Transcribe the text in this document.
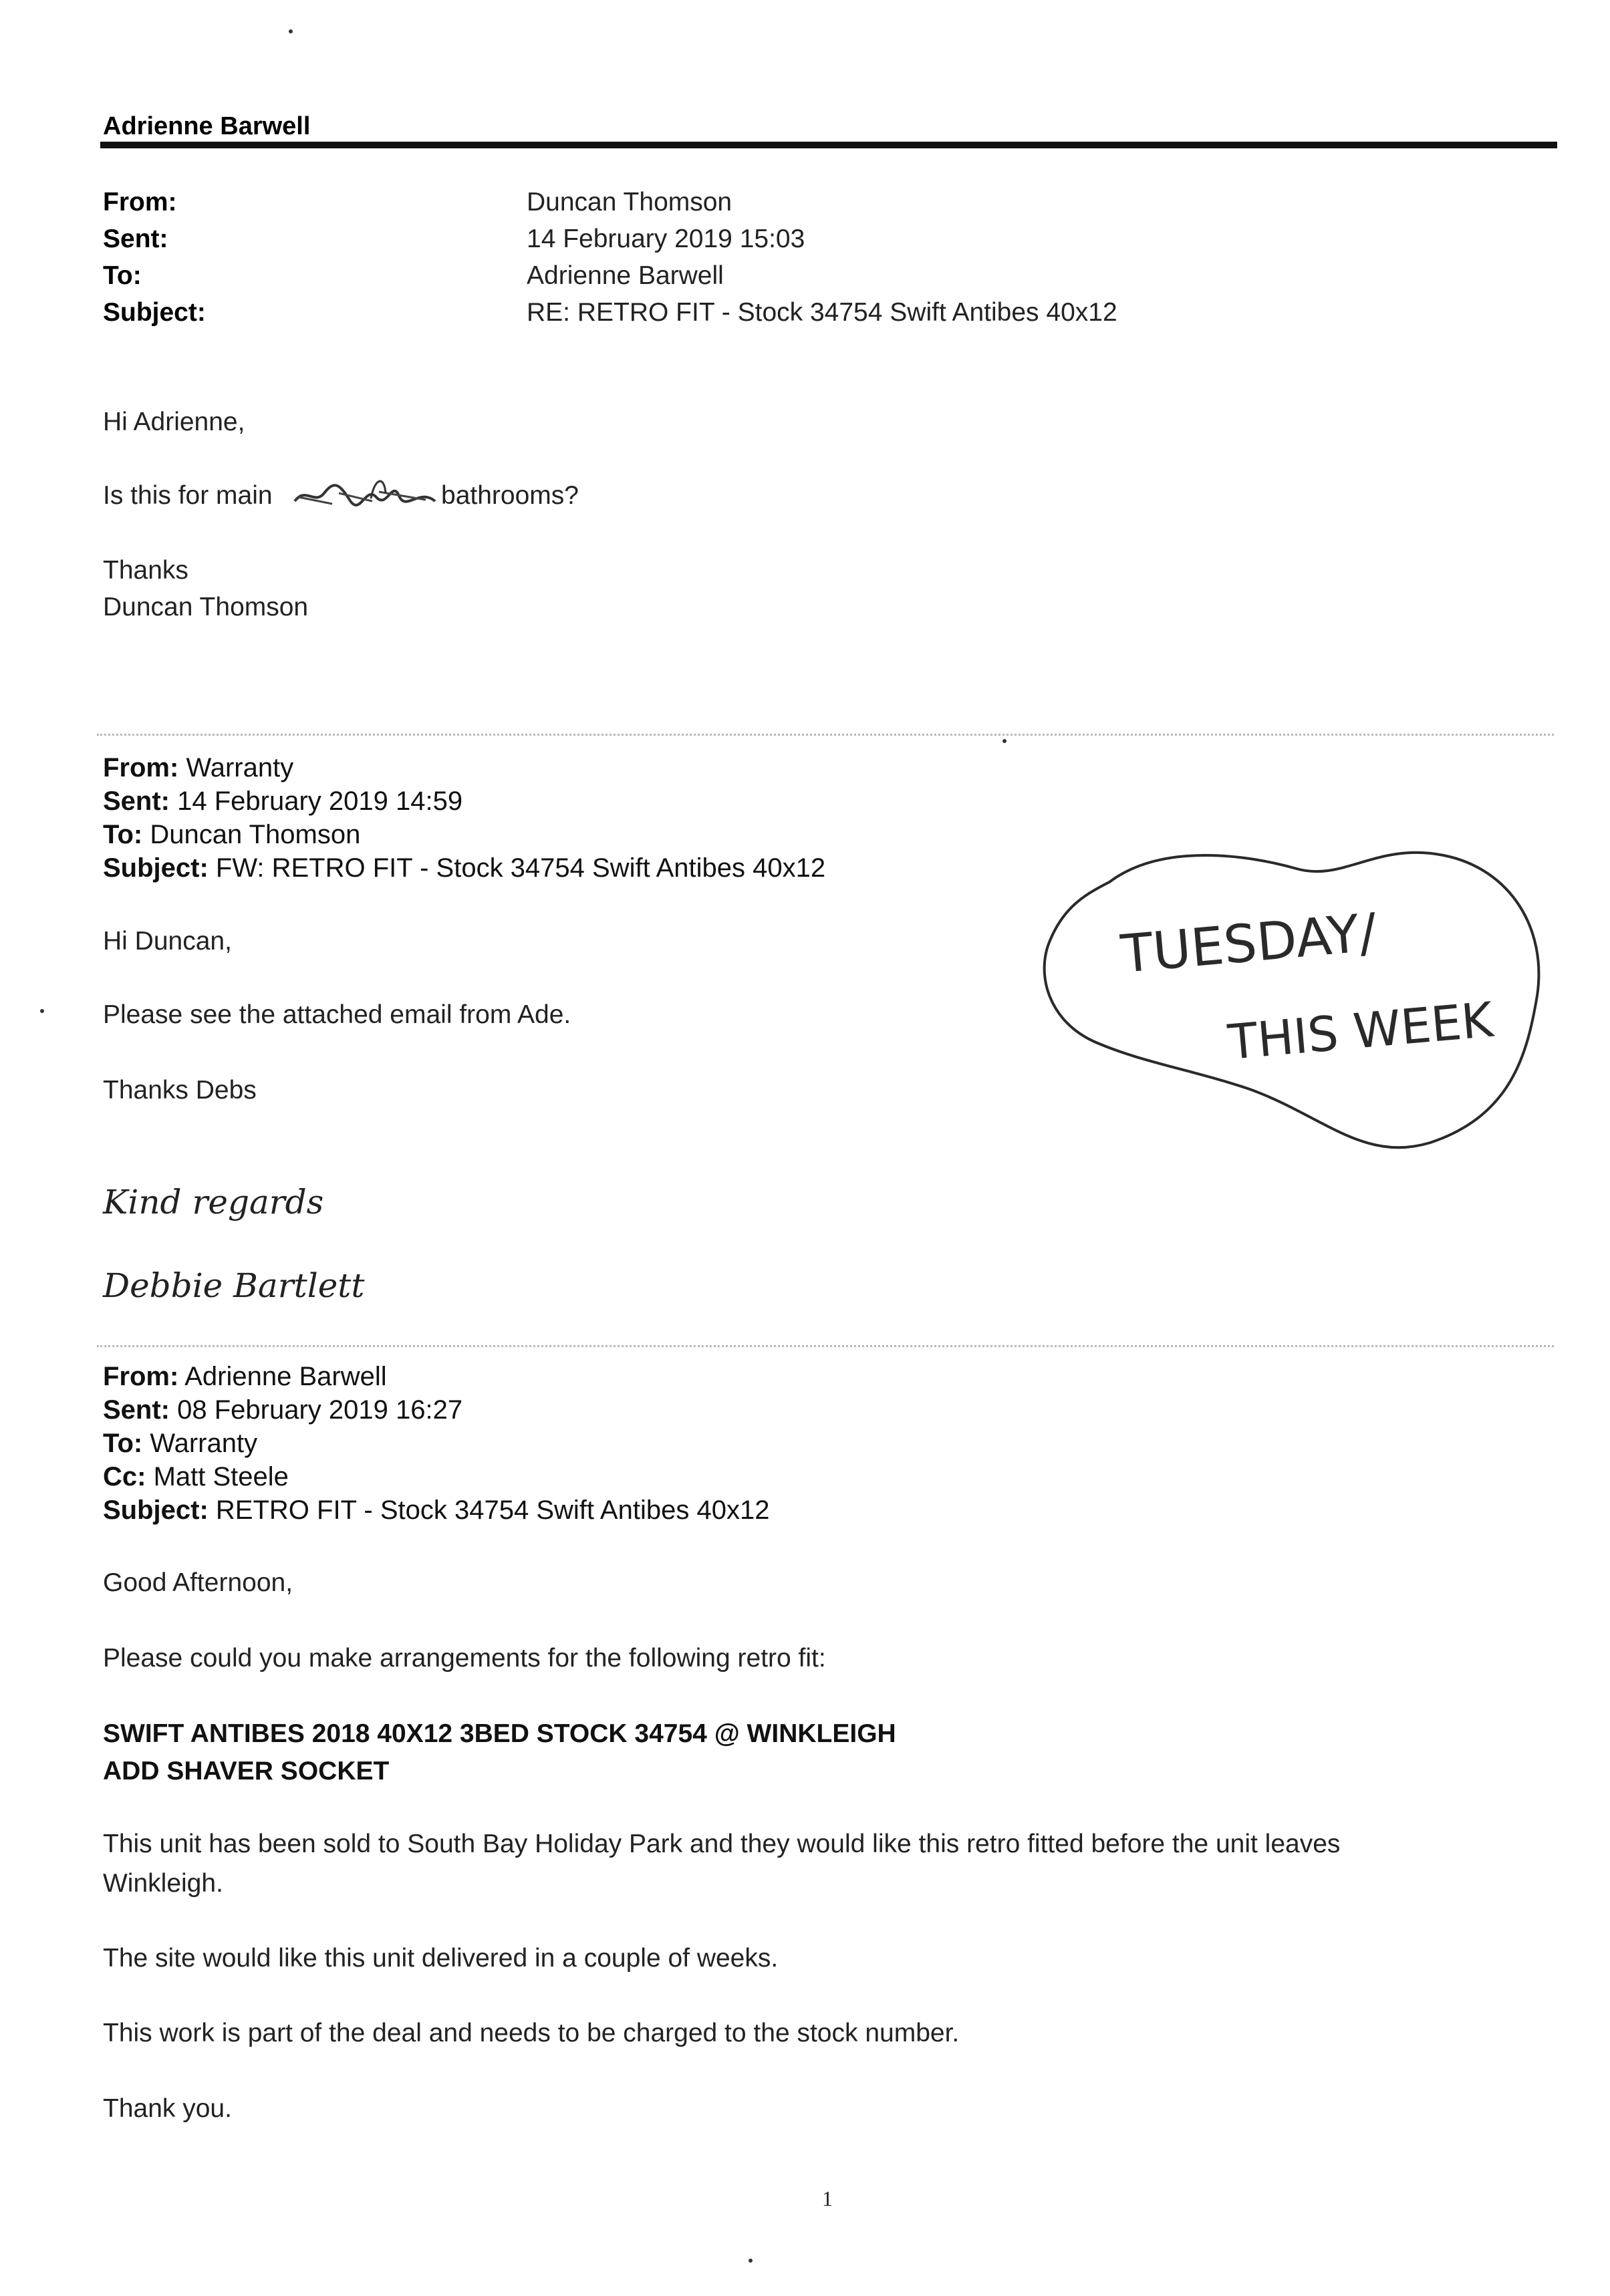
Adrienne Barwell
From:	Duncan Thomson
Sent:	14 February 2019 15:03
To:	Adrienne Barwell
Subject:	RE: RETRO FIT - Stock 34754 Swift Antibes 40x12
Hi Adrienne,
Is this for main	bathrooms?
Thanks
Duncan Thomson
From: Warranty
Sent: 14 February 2019 14:59
To: Duncan Thomson
Subject: FW: RETRO FIT - Stock 34754 Swift Antibes 40x12
Hi Duncan,
Please see the attached email from Ade.
Thanks Debs
Kind regards
Debbie Bartlett
TUESDAY/
THIS WEEK
From: Adrienne Barwell
Sent: 08 February 2019 16:27
To: Warranty
Cc: Matt Steele
Subject: RETRO FIT - Stock 34754 Swift Antibes 40x12
Good Afternoon,
Please could you make arrangements for the following retro fit:
SWIFT ANTIBES 2018 40X12 3BED STOCK 34754 @ WINKLEIGH
ADD SHAVER SOCKET
This unit has been sold to South Bay Holiday Park and they would like this retro fitted before the unit leaves
Winkleigh.
The site would like this unit delivered in a couple of weeks.
This work is part of the deal and needs to be charged to the stock number.
Thank you.
1
